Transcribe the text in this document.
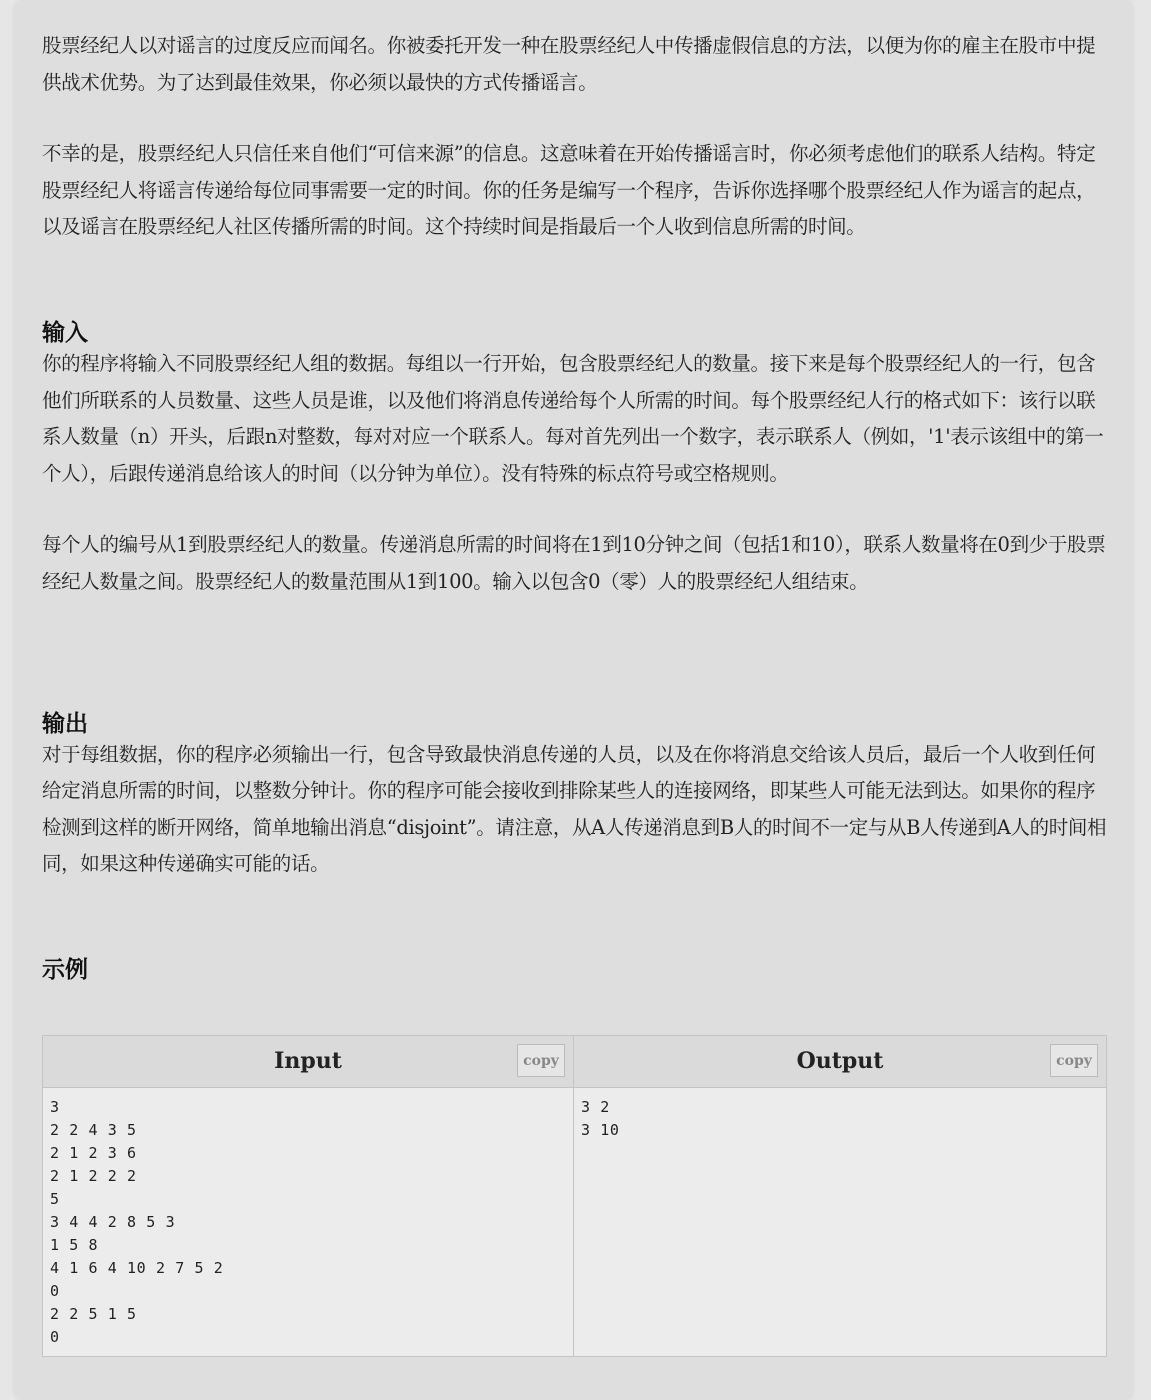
股票经纪人以对谣言的过度反应而闻名。你被委托开发一种在股票经纪人中传播虚假信息的方法，以便为你的雇主在股市中提供战术优势。为了达到最佳效果，你必须以最快的方式传播谣言。

不幸的是，股票经纪人只信任来自他们“可信来源”的信息。这意味着在开始传播谣言时，你必须考虑他们的联系人结构。特定股票经纪人将谣言传递给每位同事需要一定的时间。你的任务是编写一个程序，告诉你选择哪个股票经纪人作为谣言的起点，以及谣言在股票经纪人社区传播所需的时间。这个持续时间是指最后一个人收到信息所需的时间。

输入

你的程序将输入不同股票经纪人组的数据。每组以一行开始，包含股票经纪人的数量。接下来是每个股票经纪人的一行，包含他们所联系的人员数量、这些人员是谁，以及他们将消息传递给每个人所需的时间。每个股票经纪人行的格式如下：该行以联系人数量（n）开头，后跟n对整数，每对对应一个联系人。每对首先列出一个数字，表示联系人（例如，'1'表示该组中的第一个人），后跟传递消息给该人的时间（以分钟为单位）。没有特殊的标点符号或空格规则。

每个人的编号从1到股票经纪人的数量。传递消息所需的时间将在1到10分钟之间（包括1和10），联系人数量将在0到少于股票经纪人数量之间。股票经纪人的数量范围从1到100。输入以包含0（零）人的股票经纪人组结束。

输出

对于每组数据，你的程序必须输出一行，包含导致最快消息传递的人员，以及在你将消息交给该人员后，最后一个人收到任何给定消息所需的时间，以整数分钟计。你的程序可能会接收到排除某些人的连接网络，即某些人可能无法到达。如果你的程序检测到这样的断开网络，简单地输出消息“disjoint”。请注意，从A人传递消息到B人的时间不一定与从B人传递到A人的时间相同，如果这种传递确实可能的话。

示例
Input	copy
3
2 2 4 3 5
2 1 2 3 6
2 1 2 2 2
5
3 4 4 2 8 5 3
1 5 8
4 1 6 4 10 2 7 5 2
0
2 2 5 1 5
0
Output	copy
3 2
3 10
